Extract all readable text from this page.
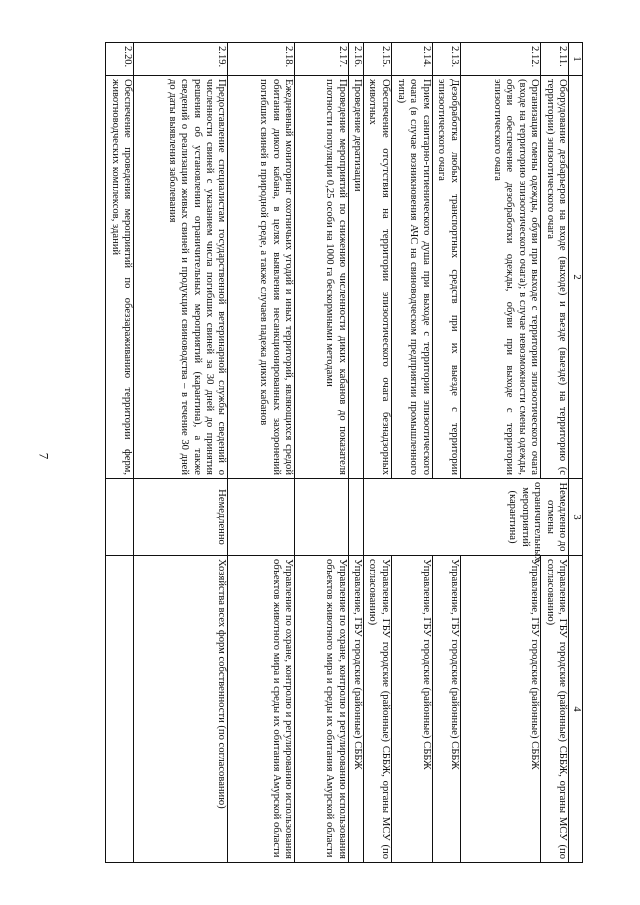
7
1	2	3	4
2.11.	Оборудование дезбарьеров на входе (выходе) и въезде (выезде) на территорию (с территории) эпизоотического очага	Немедленно до отмены ограничительных мероприятий (карантина)	Управление, ГБУ городские (районные) СББЖ, органы МСУ (по согласованию)
2.12.	Организация смены одежды, обуви при выходе с территории эпизоотического очага (входе на территорию эпизоотического очага); в случае невозможности смены одежды, обуви обеспечение дезобработки одежды, обуви при выходе с территории эпизоотического очага		Управление, ГБУ городские (районные) СББЖ
2.13.	Дезобработка любых транспортных средств при их выезде с территории эпизоотического очага		Управление, ГБУ городские (районные) СББЖ
2.14.	Прием санитарно-гигиенического душа при выходе с территории эпизоотического очага (в случае возникновения АЧС на свиноводческом предприятии промышленного типа)		Управление, ГБУ городские (районные) СББЖ
2.15.	Обеспечение отсутствия на территории эпизоотического очага безнадзорных животных		Управление, ГБУ городские (районные) СББЖ, органы МСУ (по согласованию)
2.16.	Проведение дератизации		Управление, ГБУ городские (районные) СББЖ
2.17.	Проведение мероприятий по снижению численности диких кабанов до показателя плотности популяции 0,25 особи на 1000 га бескормными методами		Управление по охране, контролю и регулированию использования объектов животного мира и среды их обитания Амурской области
2.18.	Ежедневный мониторинг охотничьих угодий и иных территорий, являющихся средой обитания дикого кабана, в целях выявления несанкционированных захоронений погибших свиней в природной среде, а также случаев падежа диких кабанов		Управление по охране, контролю и регулированию использования объектов животного мира и среды их обитания Амурской области
2.19.	Предоставление специалистам государственной ветеринарной службы сведений о численности свиней с указанием числа погибших свиней за 30 дней до принятия решения об установлении ограничительных мероприятий (карантина), а также сведений о реализации живых свиней и продукции свиноводства – в течение 30 дней до даты выявления заболевания	Немедленно	Хозяйства всех форм собственности (по согласованию)
2.20.	Обеспечение проведения мероприятий по обеззараживанию территории ферм, животноводческих комплексов, зданий		
